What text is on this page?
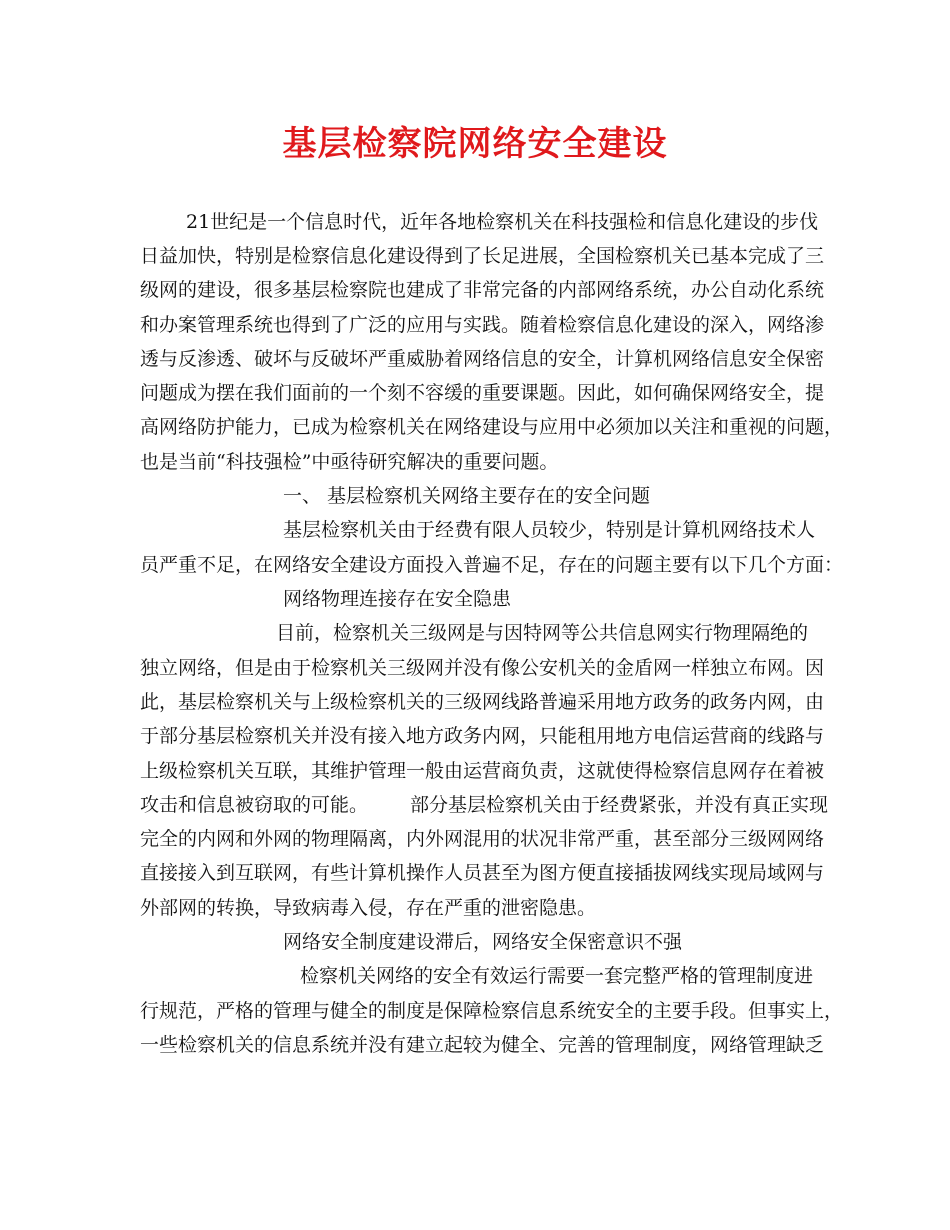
基层检察院网络安全建设
21世纪是一个信息时代，近年各地检察机关在科技强检和信息化建设的步伐
日益加快，特别是检察信息化建设得到了长足进展，全国检察机关已基本完成了三
级网的建设，很多基层检察院也建成了非常完备的内部网络系统，办公自动化系统
和办案管理系统也得到了广泛的应用与实践。随着检察信息化建设的深入，网络渗
透与反渗透、破坏与反破坏严重威胁着网络信息的安全，计算机网络信息安全保密
问题成为摆在我们面前的一个刻不容缓的重要课题。因此，如何确保网络安全，提
高网络防护能力，已成为检察机关在网络建设与应用中必须加以关注和重视的问题，
也是当前“科技强检”中亟待研究解决的重要问题。
一、 基层检察机关网络主要存在的安全问题
基层检察机关由于经费有限人员较少，特别是计算机网络技术人
员严重不足，在网络安全建设方面投入普遍不足，存在的问题主要有以下几个方面：
网络物理连接存在安全隐患
目前，检察机关三级网是与因特网等公共信息网实行物理隔绝的
独立网络，但是由于检察机关三级网并没有像公安机关的金盾网一样独立布网。因
此，基层检察机关与上级检察机关的三级网线路普遍采用地方政务的政务内网，由
于部分基层检察机关并没有接入地方政务内网，只能租用地方电信运营商的线路与
上级检察机关互联，其维护管理一般由运营商负责，这就使得检察信息网存在着被
攻击和信息被窃取的可能。 部分基层检察机关由于经费紧张，并没有真正实现
完全的内网和外网的物理隔离，内外网混用的状况非常严重，甚至部分三级网网络
直接接入到互联网，有些计算机操作人员甚至为图方便直接插拔网线实现局域网与
外部网的转换，导致病毒入侵，存在严重的泄密隐患。
网络安全制度建设滞后，网络安全保密意识不强
检察机关网络的安全有效运行需要一套完整严格的管理制度进
行规范，严格的管理与健全的制度是保障检察信息系统安全的主要手段。但事实上，
一些检察机关的信息系统并没有建立起较为健全、完善的管理制度，网络管理缺乏
